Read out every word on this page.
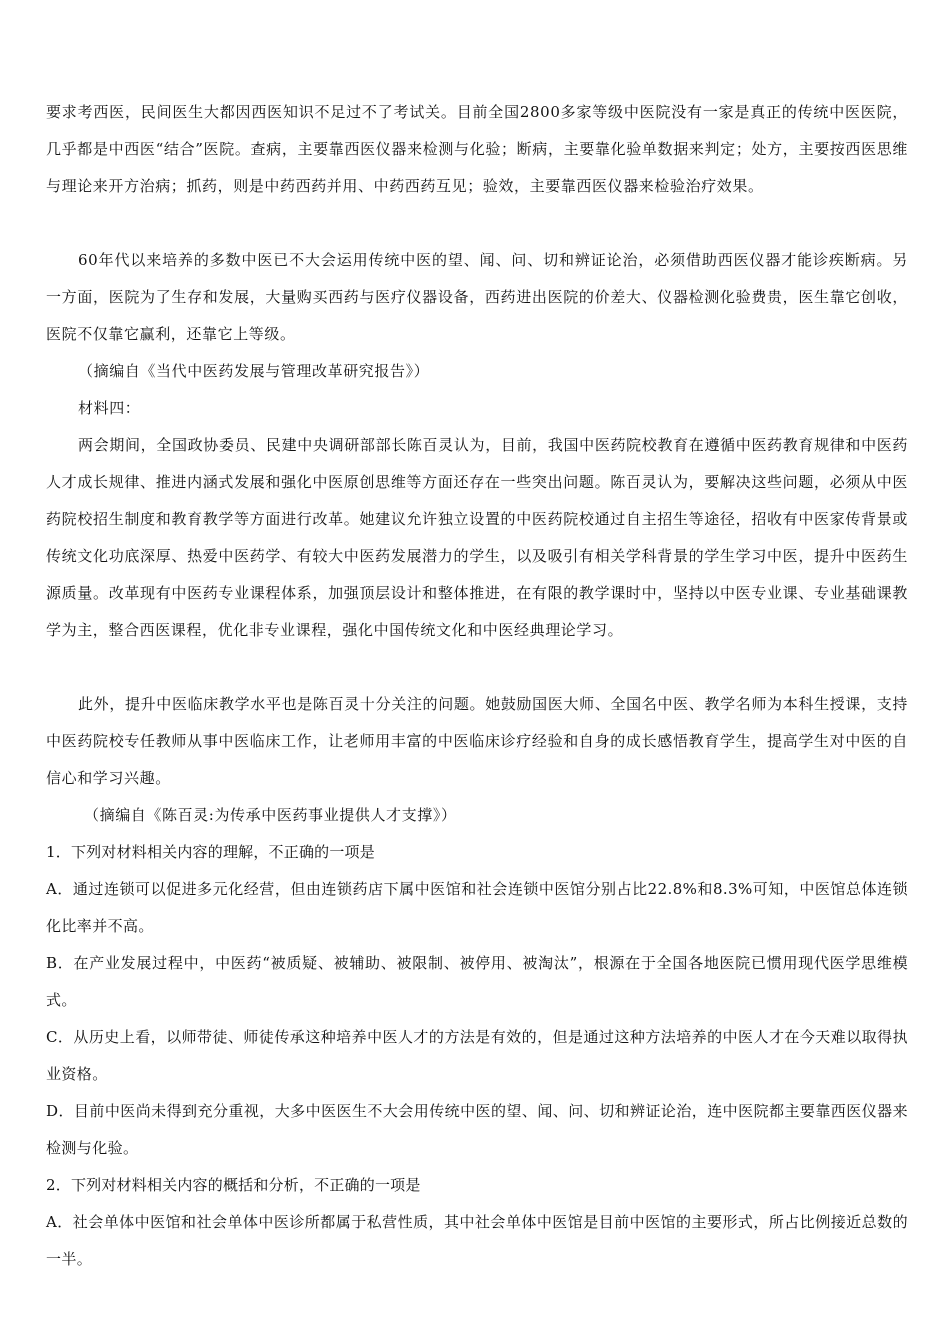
要求考西医，民间医生大都因西医知识不足过不了考试关。目前全国2800多家等级中医院没有一家是真正的传统中医医院，几乎都是中西医“结合”医院。查病，主要靠西医仪器来检测与化验；断病，主要靠化验单数据来判定；处方，主要按西医思维与理论来开方治病；抓药，则是中药西药并用、中药西药互见；验效，主要靠西医仪器来检验治疗效果。

60年代以来培养的多数中医已不大会运用传统中医的望、闻、问、切和辨证论治，必须借助西医仪器才能诊疾断病。另一方面，医院为了生存和发展，大量购买西药与医疗仪器设备，西药进出医院的价差大、仪器检测化验费贵，医生靠它创收，医院不仅靠它赢利，还靠它上等级。

（摘编自《当代中医药发展与管理改革研究报告》）

材料四：

两会期间，全国政协委员、民建中央调研部部长陈百灵认为，目前，我国中医药院校教育在遵循中医药教育规律和中医药人才成长规律、推进内涵式发展和强化中医原创思维等方面还存在一些突出问题。陈百灵认为，要解决这些问题，必须从中医药院校招生制度和教育教学等方面进行改革。她建议允许独立设置的中医药院校通过自主招生等途径，招收有中医家传背景或传统文化功底深厚、热爱中医药学、有较大中医药发展潜力的学生，以及吸引有相关学科背景的学生学习中医，提升中医药生源质量。改革现有中医药专业课程体系，加强顶层设计和整体推进，在有限的教学课时中，坚持以中医专业课、专业基础课教学为主，整合西医课程，优化非专业课程，强化中国传统文化和中医经典理论学习。

此外，提升中医临床教学水平也是陈百灵十分关注的问题。她鼓励国医大师、全国名中医、教学名师为本科生授课，支持中医药院校专任教师从事中医临床工作，让老师用丰富的中医临床诊疗经验和自身的成长感悟教育学生，提高学生对中医的自信心和学习兴趣。

（摘编自《陈百灵:为传承中医药事业提供人才支撑》）

1．下列对材料相关内容的理解，不正确的一项是

A．通过连锁可以促进多元化经营，但由连锁药店下属中医馆和社会连锁中医馆分别占比22.8%和8.3%可知，中医馆总体连锁化比率并不高。

B．在产业发展过程中，中医药“被质疑、被辅助、被限制、被停用、被淘汰”，根源在于全国各地医院已惯用现代医学思维模式。

C．从历史上看，以师带徒、师徒传承这种培养中医人才的方法是有效的，但是通过这种方法培养的中医人才在今天难以取得执业资格。

D．目前中医尚未得到充分重视，大多中医医生不大会用传统中医的望、闻、问、切和辨证论治，连中医院都主要靠西医仪器来检测与化验。

2．下列对材料相关内容的概括和分析，不正确的一项是

A．社会单体中医馆和社会单体中医诊所都属于私营性质，其中社会单体中医馆是目前中医馆的主要形式，所占比例接近总数的一半。
